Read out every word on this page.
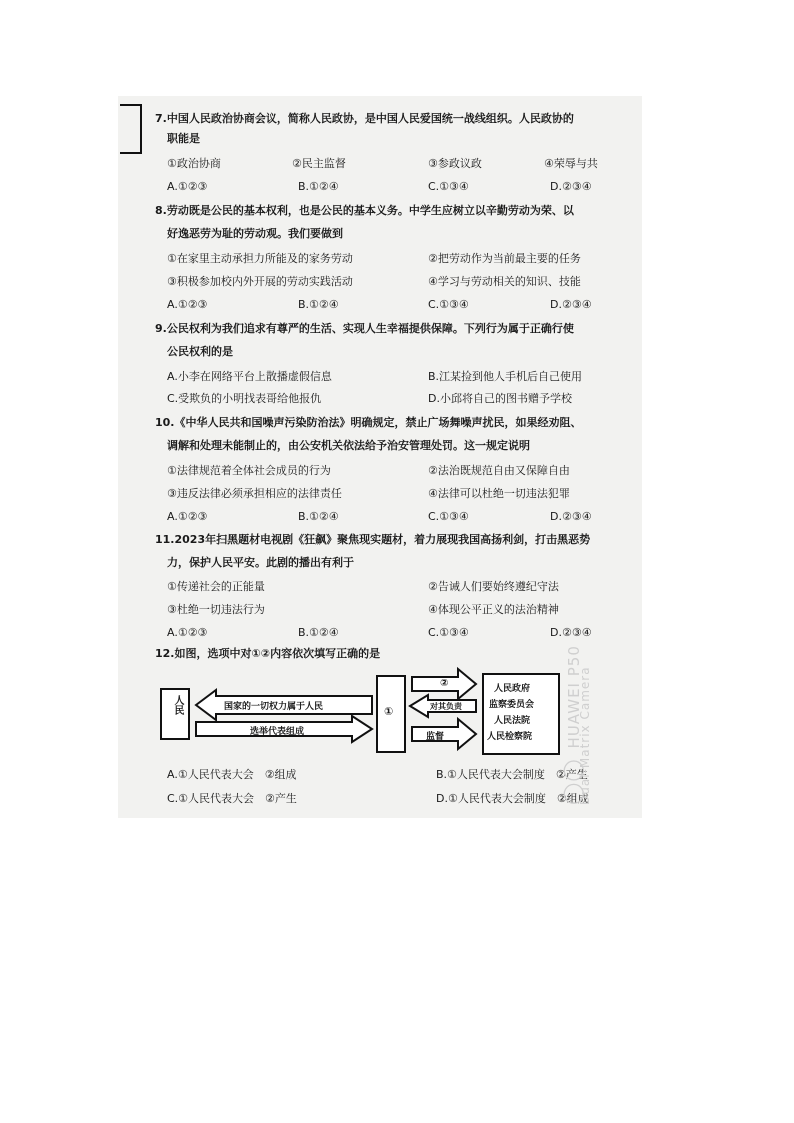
7.中国人民政治协商会议，简称人民政协，是中国人民爱国统一战线组织。人民政协的
职能是
①政治协商	②民主监督	③参政议政	④荣辱与共
A.①②③	B.①②④	C.①③④	D.②③④
8.劳动既是公民的基本权利，也是公民的基本义务。中学生应树立以辛勤劳动为荣、以
好逸恶劳为耻的劳动观。我们要做到
①在家里主动承担力所能及的家务劳动	②把劳动作为当前最主要的任务
③积极参加校内外开展的劳动实践活动	④学习与劳动相关的知识、技能
A.①②③	B.①②④	C.①③④	D.②③④
9.公民权利为我们追求有尊严的生活、实现人生幸福提供保障。下列行为属于正确行使
公民权利的是
A.小李在网络平台上散播虚假信息	B.江某捡到他人手机后自己使用
C.受欺负的小明找表哥给他报仇	D.小邱将自己的图书赠予学校
10.《中华人民共和国噪声污染防治法》明确规定，禁止广场舞噪声扰民，如果经劝阻、
调解和处理未能制止的，由公安机关依法给予治安管理处罚。这一规定说明
①法律规范着全体社会成员的行为	②法治既规范自由又保障自由
③违反法律必须承担相应的法律责任	④法律可以杜绝一切违法犯罪
A.①②③	B.①②④	C.①③④	D.②③④
11.2023年扫黑题材电视剧《狂飙》聚焦现实题材，着力展现我国高扬利剑，打击黑恶势
力，保护人民平安。此剧的播出有利于
①传递社会的正能量	②告诫人们要始终遵纪守法
③杜绝一切违法行为	④体现公平正义的法治精神
A.①②③	B.①②④	C.①③④	D.②③④
12.如图，选项中对①②内容依次填写正确的是
人民	国家的一切权力属于人民
选举代表组成
①
②
对其负责
监督
人民政府
监察委员会
人民法院
人民检察院
A.①人民代表大会　②组成	B.①人民代表大会制度　②产生
C.①人民代表大会　②产生	D.①人民代表大会制度　②组成
◯◯ HUAWEI P50
Dual-Matrix Camera
